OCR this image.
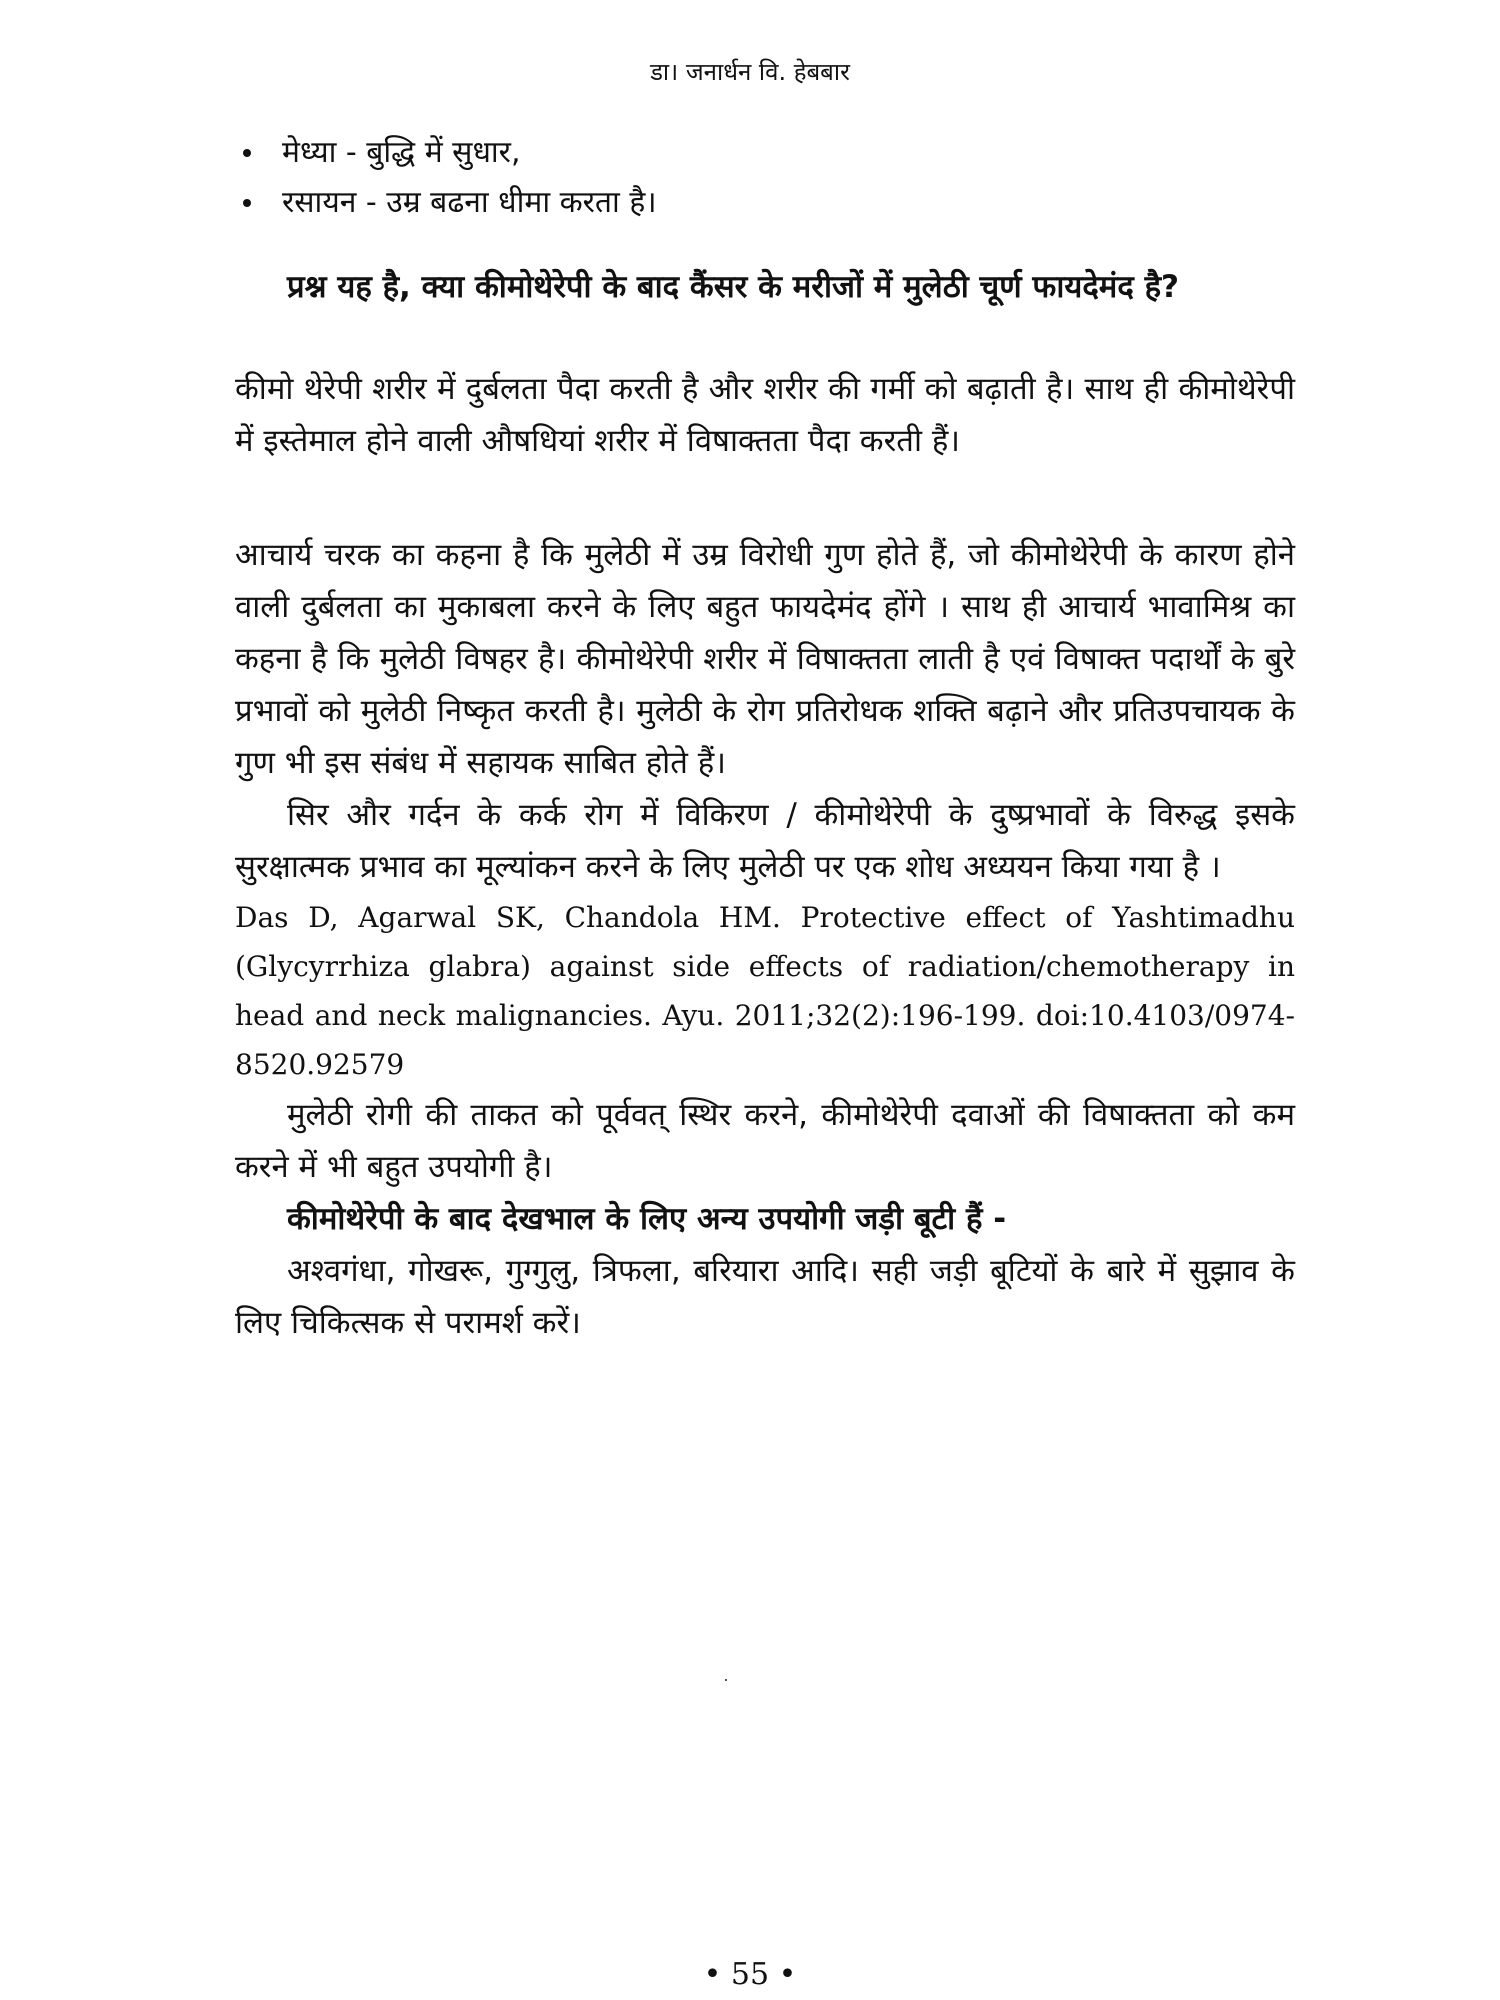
डा। जनार्धन वि. हेबबार
मेध्या - बुद्धि में सुधार,
रसायन - उम्र बढना धीमा करता है।

प्रश्न यह है, क्या कीमोथेरेपी के बाद कैंसर के मरीजों में मुलेठी चूर्ण फायदेमंद है?

कीमो थेरेपी शरीर में दुर्बलता पैदा करती है और शरीर की गर्मी को बढ़ाती है। साथ ही कीमोथेरेपी में इस्तेमाल होने वाली औषधियां शरीर में विषाक्तता पैदा करती हैं।

आचार्य चरक का कहना है कि मुलेठी में उम्र विरोधी गुण होते हैं, जो कीमोथेरेपी के कारण होने वाली दुर्बलता का मुकाबला करने के लिए बहुत फायदेमंद होंगे । साथ ही आचार्य भावामिश्र का कहना है कि मुलेठी विषहर है। कीमोथेरेपी शरीर में विषाक्तता लाती है एवं विषाक्त पदार्थों के बुरे प्रभावों को मुलेठी निष्कृत करती है। मुलेठी के रोग प्रतिरोधक शक्ति बढ़ाने और प्रतिउपचायक के गुण भी इस संबंध में सहायक साबित होते हैं।

सिर और गर्दन के कर्क रोग में विकिरण / कीमोथेरेपी के दुष्प्रभावों के विरुद्ध इसके सुरक्षात्मक प्रभाव का मूल्यांकन करने के लिए मुलेठी पर एक शोध अध्ययन किया गया है ।

Das D, Agarwal SK, Chandola HM. Protective effect of Yashtimadhu (Glycyrrhiza glabra) against side effects of radiation/chemotherapy in head and neck malignancies. Ayu. 2011;32(2):196-199. doi:10.4103/0974-8520.92579

मुलेठी रोगी की ताकत को पूर्ववत् स्थिर करने, कीमोथेरेपी दवाओं की विषाक्तता को कम करने में भी बहुत उपयोगी है।

कीमोथेरेपी के बाद देखभाल के लिए अन्य उपयोगी जड़ी बूटी हैं -

अश्वगंधा, गोखरू, गुग्गुलु, त्रिफला, बरियारा आदि। सही जड़ी बूटियों के बारे में सुझाव के लिए चिकित्सक से परामर्श करें।

• 55 •
